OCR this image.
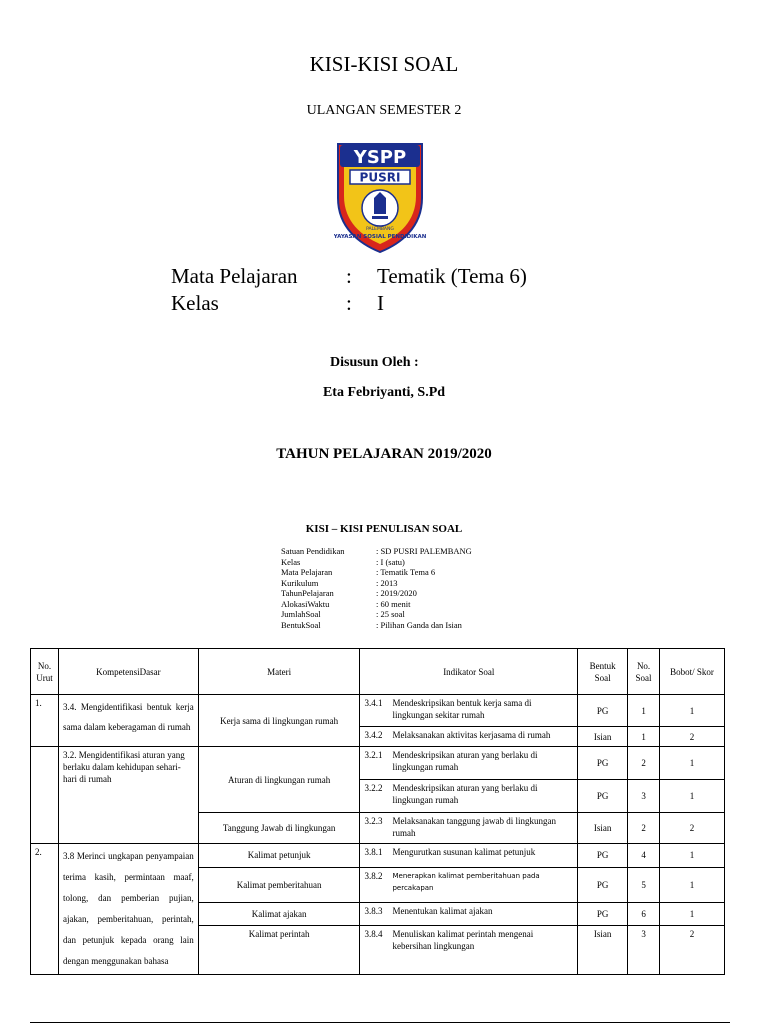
KISI-KISI SOAL
ULANGAN SEMESTER 2
YSPP
PUSRI
YAYASAN SOSIAL PENDIDIKAN
PALEMBANG
Mata Pelajaran : Tematik (Tema 6)
Kelas	: I
Disusun Oleh :
Eta Febriyanti, S.Pd
TAHUN PELAJARAN 2019/2020
KISI – KISI PENULISAN SOAL
Satuan Pendidikan	: SD PUSRI PALEMBANG
Kelas	: I (satu)
Mata Pelajaran	: Tematik Tema 6
Kurikulum	: 2013
TahunPelajaran	: 2019/2020
AlokasiWaktu	: 60 menit
JumlahSoal	: 25 soal
BentukSoal	: Pilihan Ganda dan Isian
No. Urut	KompetensiDasar	Materi	Indikator Soal	Bentuk Soal	No. Soal	Bobot/ Skor
1.	3.4. Mengidentifikasi bentuk kerja sama dalam keberagaman di rumah	Kerja sama di lingkungan rumah	3.4.1 Mendeskripsikan bentuk kerja sama di lingkungan sekitar rumah	PG	1	1

			3.4.2 Melaksanakan aktivitas kerjasama di rumah	Isian	1	2
	3.2. Mengidentifikasi aturan yang berlaku dalam kehidupan sehari-hari di rumah	Aturan di lingkungan rumah	3.2.1 Mendeskripsikan aturan yang berlaku di lingkungan rumah	PG	2	1

			3.2.2 Mendeskripsikan aturan yang berlaku di lingkungan rumah	PG	3	1
		Tanggung Jawab di lingkungan	3.2.3 Melaksanakan tanggung jawab di lingkungan rumah	Isian	2	2
2.	3.8 Merinci ungkapan penyampaian terima kasih, permintaan maaf, tolong, dan pemberian pujian, ajakan, pemberitahuan, perintah, dan petunjuk kepada orang lain dengan menggunakan bahasa	Kalimat petunjuk	3.8.1 Mengurutkan susunan kalimat petunjuk	PG	4	1
		Kalimat pemberitahuan	3.8.2 Menerapkan kalimat pemberitahuan pada percakapan	PG	5	1
		Kalimat ajakan	3.8.3 Menentukan kalimat ajakan	PG	6	1
		Kalimat perintah	3.8.4 Menuliskan kalimat perintah mengenai kebersihan lingkungan	Isian	3	2
